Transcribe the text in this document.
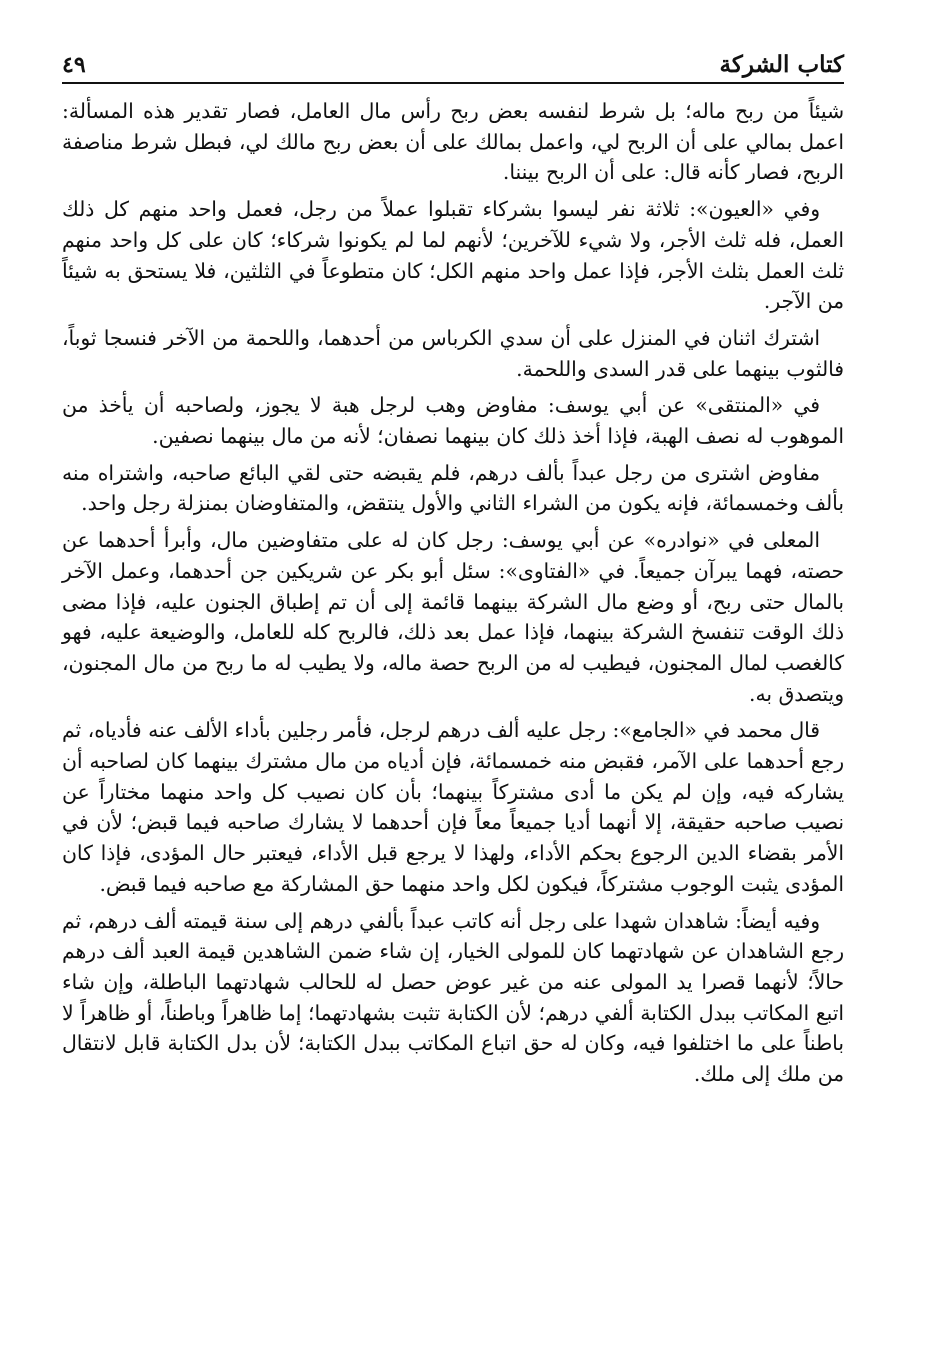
كتاب الشركة
٤٩

شيئاً من ربح ماله؛ بل شرط لنفسه بعض ربح رأس مال العامل، فصار تقدير هذه المسألة: اعمل بمالي على أن الربح لي، واعمل بمالك على أن بعض ربح مالك لي، فبطل شرط مناصفة الربح، فصار كأنه قال: على أن الربح بيننا.

وفي «العيون»: ثلاثة نفر ليسوا بشركاء تقبلوا عملاً من رجل، فعمل واحد منهم كل ذلك العمل، فله ثلث الأجر، ولا شيء للآخرين؛ لأنهم لما لم يكونوا شركاء؛ كان على كل واحد منهم ثلث العمل بثلث الأجر، فإذا عمل واحد منهم الكل؛ كان متطوعاً في الثلثين، فلا يستحق به شيئاً من الآجر.

اشترك اثنان في المنزل على أن سدي الكرباس من أحدهما، واللحمة من الآخر فنسجا ثوباً، فالثوب بينهما على قدر السدى واللحمة.

في «المنتقى» عن أبي يوسف: مفاوض وهب لرجل هبة لا يجوز، ولصاحبه أن يأخذ من الموهوب له نصف الهبة، فإذا أخذ ذلك كان بينهما نصفان؛ لأنه من مال بينهما نصفين.

مفاوض اشترى من رجل عبداً بألف درهم، فلم يقبضه حتى لقي البائع صاحبه، واشتراه منه بألف وخمسمائة، فإنه يكون من الشراء الثاني والأول ينتقض، والمتفاوضان بمنزلة رجل واحد.

المعلى في «نوادره» عن أبي يوسف: رجل كان له على متفاوضين مال، وأبرأ أحدهما عن حصته، فهما يبرآن جميعاً. في «الفتاوى»: سئل أبو بكر عن شريكين جن أحدهما، وعمل الآخر بالمال حتى ربح، أو وضع مال الشركة بينهما قائمة إلى أن تم إطباق الجنون عليه، فإذا مضى ذلك الوقت تنفسخ الشركة بينهما، فإذا عمل بعد ذلك، فالربح كله للعامل، والوضيعة عليه، فهو كالغصب لمال المجنون، فيطيب له من الربح حصة ماله، ولا يطيب له ما ربح من مال المجنون، ويتصدق به.

قال محمد في «الجامع»: رجل عليه ألف درهم لرجل، فأمر رجلين بأداء الألف عنه فأدياه، ثم رجع أحدهما على الآمر، فقبض منه خمسمائة، فإن أدياه من مال مشترك بينهما كان لصاحبه أن يشاركه فيه، وإن لم يكن ما أدى مشتركاً بينهما؛ بأن كان نصيب كل واحد منهما مختاراً عن نصيب صاحبه حقيقة، إلا أنهما أديا جميعاً معاً فإن أحدهما لا يشارك صاحبه فيما قبض؛ لأن في الأمر بقضاء الدين الرجوع بحكم الأداء، ولهذا لا يرجع قبل الأداء، فيعتبر حال المؤدى، فإذا كان المؤدى يثبت الوجوب مشتركاً، فيكون لكل واحد منهما حق المشاركة مع صاحبه فيما قبض.

وفيه أيضاً: شاهدان شهدا على رجل أنه كاتب عبداً بألفي درهم إلى سنة قيمته ألف درهم، ثم رجع الشاهدان عن شهادتهما كان للمولى الخيار، إن شاء ضمن الشاهدين قيمة العبد ألف درهم حالاً؛ لأنهما قصرا يد المولى عنه من غير عوض حصل له للحالب شهادتهما الباطلة، وإن شاء اتبع المكاتب ببدل الكتابة ألفي درهم؛ لأن الكتابة تثبت بشهادتهما؛ إما ظاهراً وباطناً، أو ظاهراً لا باطناً على ما اختلفوا فيه، وكان له حق اتباع المكاتب ببدل الكتابة؛ لأن بدل الكتابة قابل لانتقال من ملك إلى ملك.
